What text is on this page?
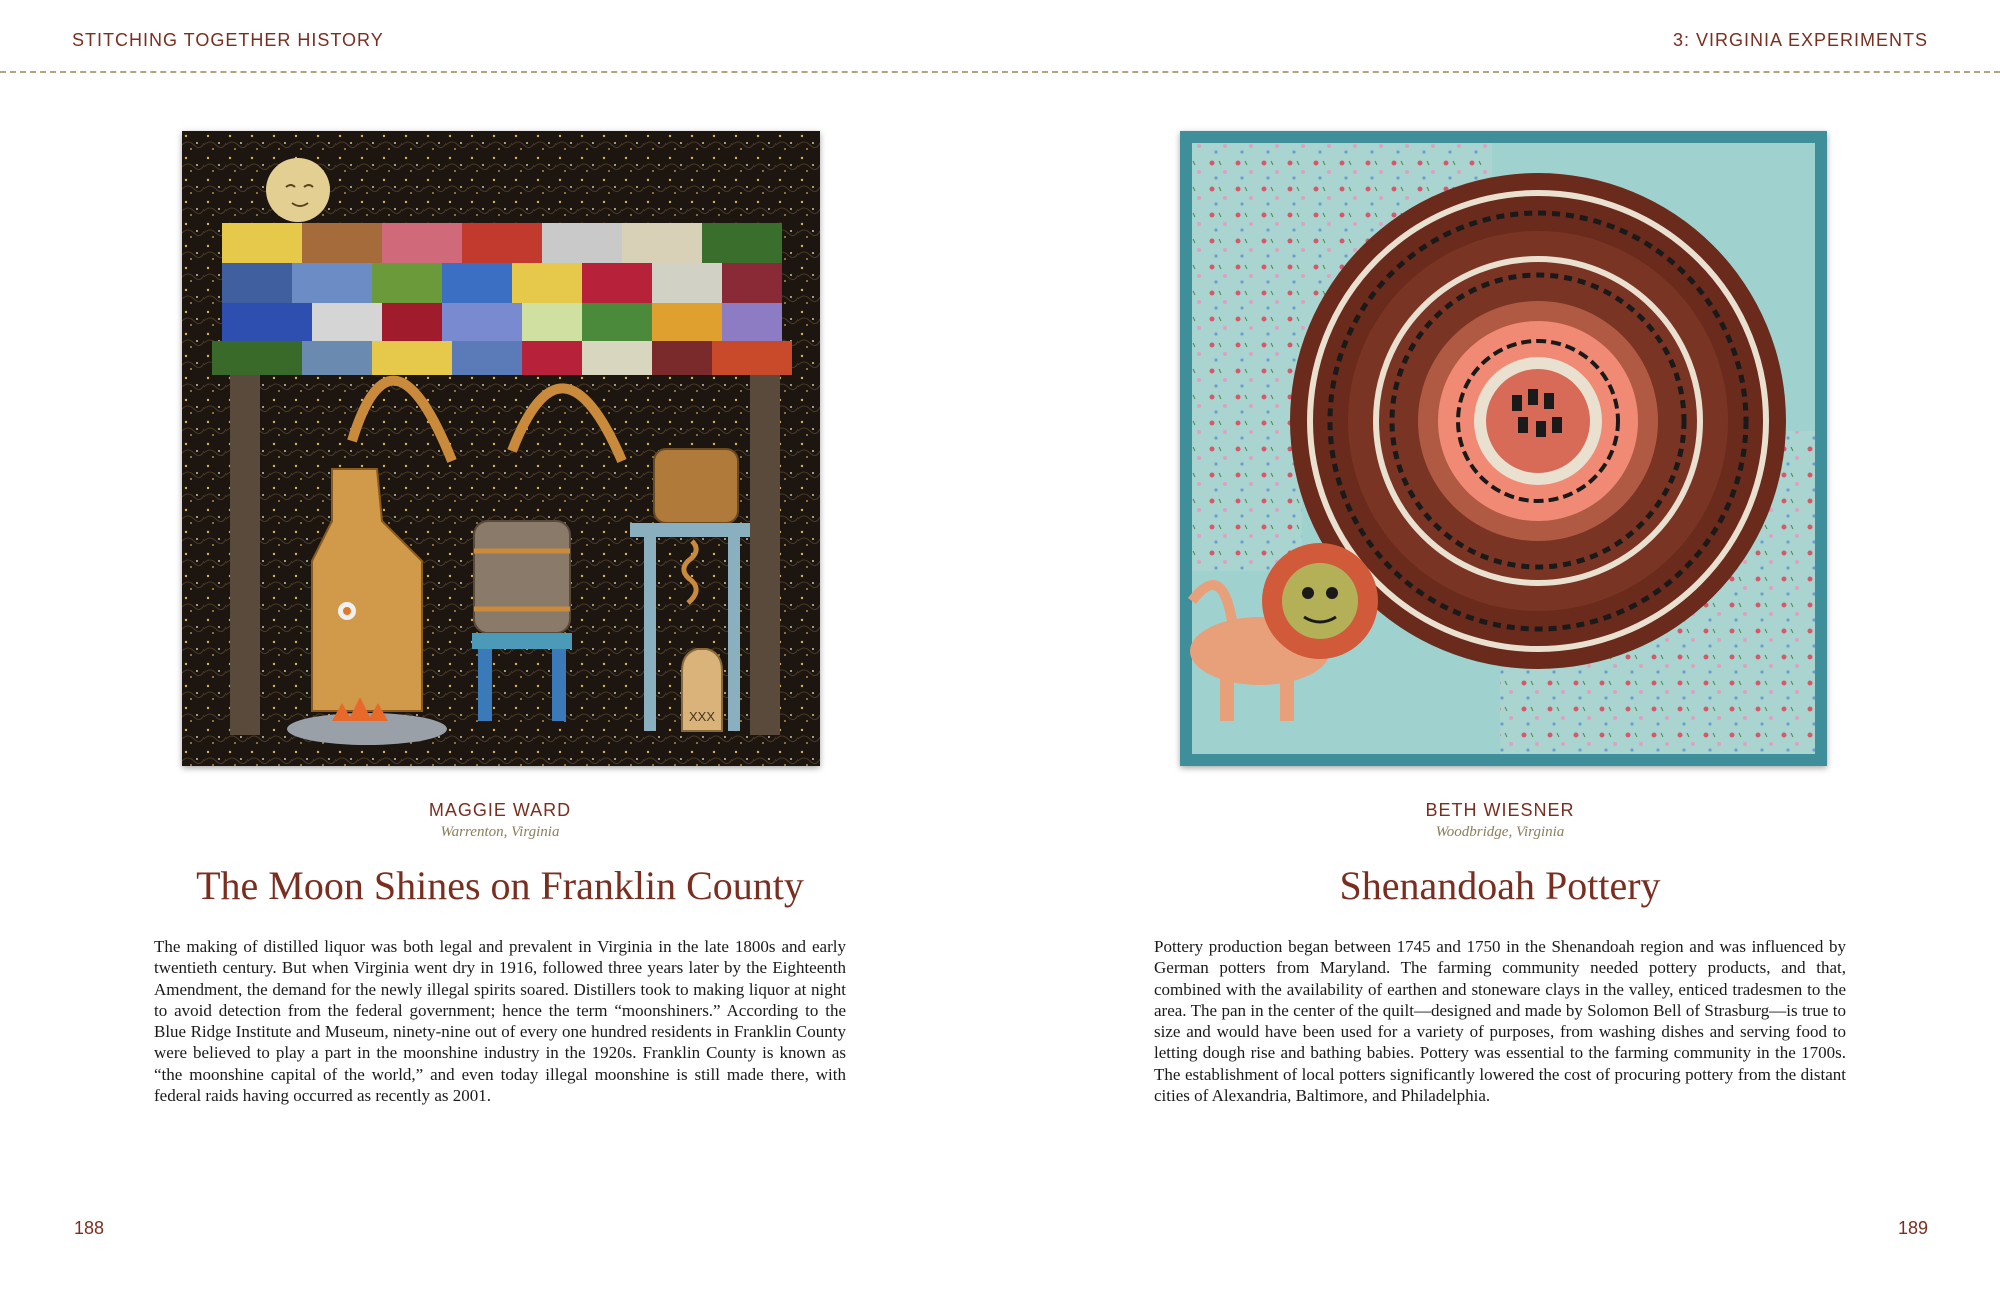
STITCHING TOGETHER HISTORY	3: VIRGINIA EXPERIMENTS
XXX
MAGGIE WARD
Warrenton, Virginia
The Moon Shines on Franklin County
The making of distilled liquor was both legal and prevalent in Virginia in the late 1800s and early twentieth century. But when Virginia went dry in 1916, followed three years later by the Eighteenth Amendment, the demand for the newly illegal spirits soared. Distillers took to making liquor at night to avoid detection from the federal government; hence the term “moonshiners.” According to the Blue Ridge Institute and Museum, ninety-nine out of every one hundred residents in Franklin County were believed to play a part in the moonshine industry in the 1920s. Franklin County is known as “the moonshine capital of the world,” and even today illegal moonshine is still made there, with federal raids having occurred as recently as 2001.
188
BETH WIESNER
Woodbridge, Virginia
Shenandoah Pottery
Pottery production began between 1745 and 1750 in the Shenandoah region and was influenced by German potters from Maryland. The farming community needed pottery products, and that, combined with the availability of earthen and stoneware clays in the valley, enticed tradesmen to the area. The pan in the center of the quilt—designed and made by Solomon Bell of Strasburg—is true to size and would have been used for a variety of purposes, from washing dishes and serving food to letting dough rise and bathing babies. Pottery was essential to the farming community in the 1700s. The establishment of local potters significantly lowered the cost of procuring pottery from the distant cities of Alexandria, Baltimore, and Philadelphia.
189
